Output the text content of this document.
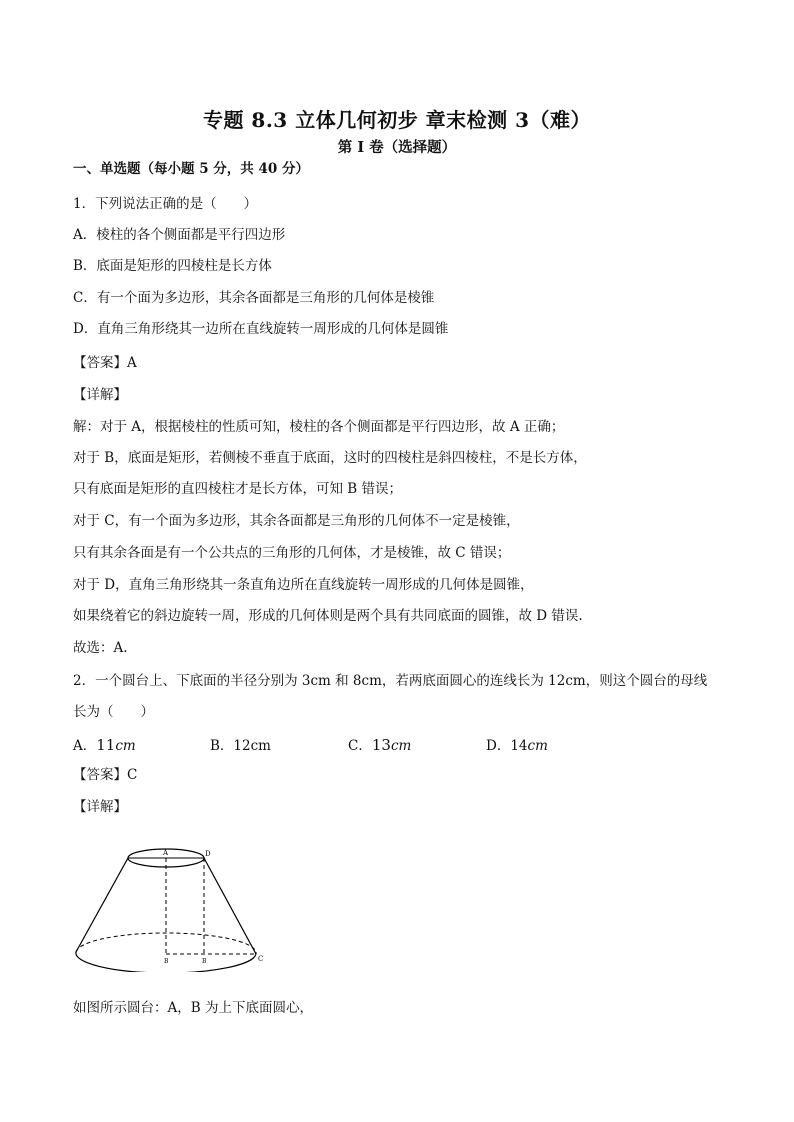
专题 8.3 立体几何初步 章末检测 3（难）
第 I 卷（选择题）
一、单选题（每小题 5 分，共 40 分）
1．下列说法正确的是（　　）
A．棱柱的各个侧面都是平行四边形
B．底面是矩形的四棱柱是长方体
C．有一个面为多边形，其余各面都是三角形的几何体是棱锥
D．直角三角形绕其一边所在直线旋转一周形成的几何体是圆锥
【答案】A
【详解】
解：对于 A，根据棱柱的性质可知，棱柱的各个侧面都是平行四边形，故 A 正确；
对于 B，底面是矩形，若侧棱不垂直于底面，这时的四棱柱是斜四棱柱，不是长方体，
只有底面是矩形的直四棱柱才是长方体，可知 B 错误；
对于 C，有一个面为多边形，其余各面都是三角形的几何体不一定是棱锥，
只有其余各面是有一个公共点的三角形的几何体，才是棱锥，故 C 错误；
对于 D，直角三角形绕其一条直角边所在直线旋转一周形成的几何体是圆锥，
如果绕着它的斜边旋转一周，形成的几何体则是两个具有共同底面的圆锥，故 D 错误.
故选：A.
2．一个圆台上、下底面的半径分别为 3cm 和 8cm，若两底面圆心的连线长为 12cm，则这个圆台的母线
长为（　　）
A．11cm	B．12cm	C．13cm	D．14cm
【答案】C
【详解】
A	D
B	B	C
如图所示圆台：A，B 为上下底面圆心，
